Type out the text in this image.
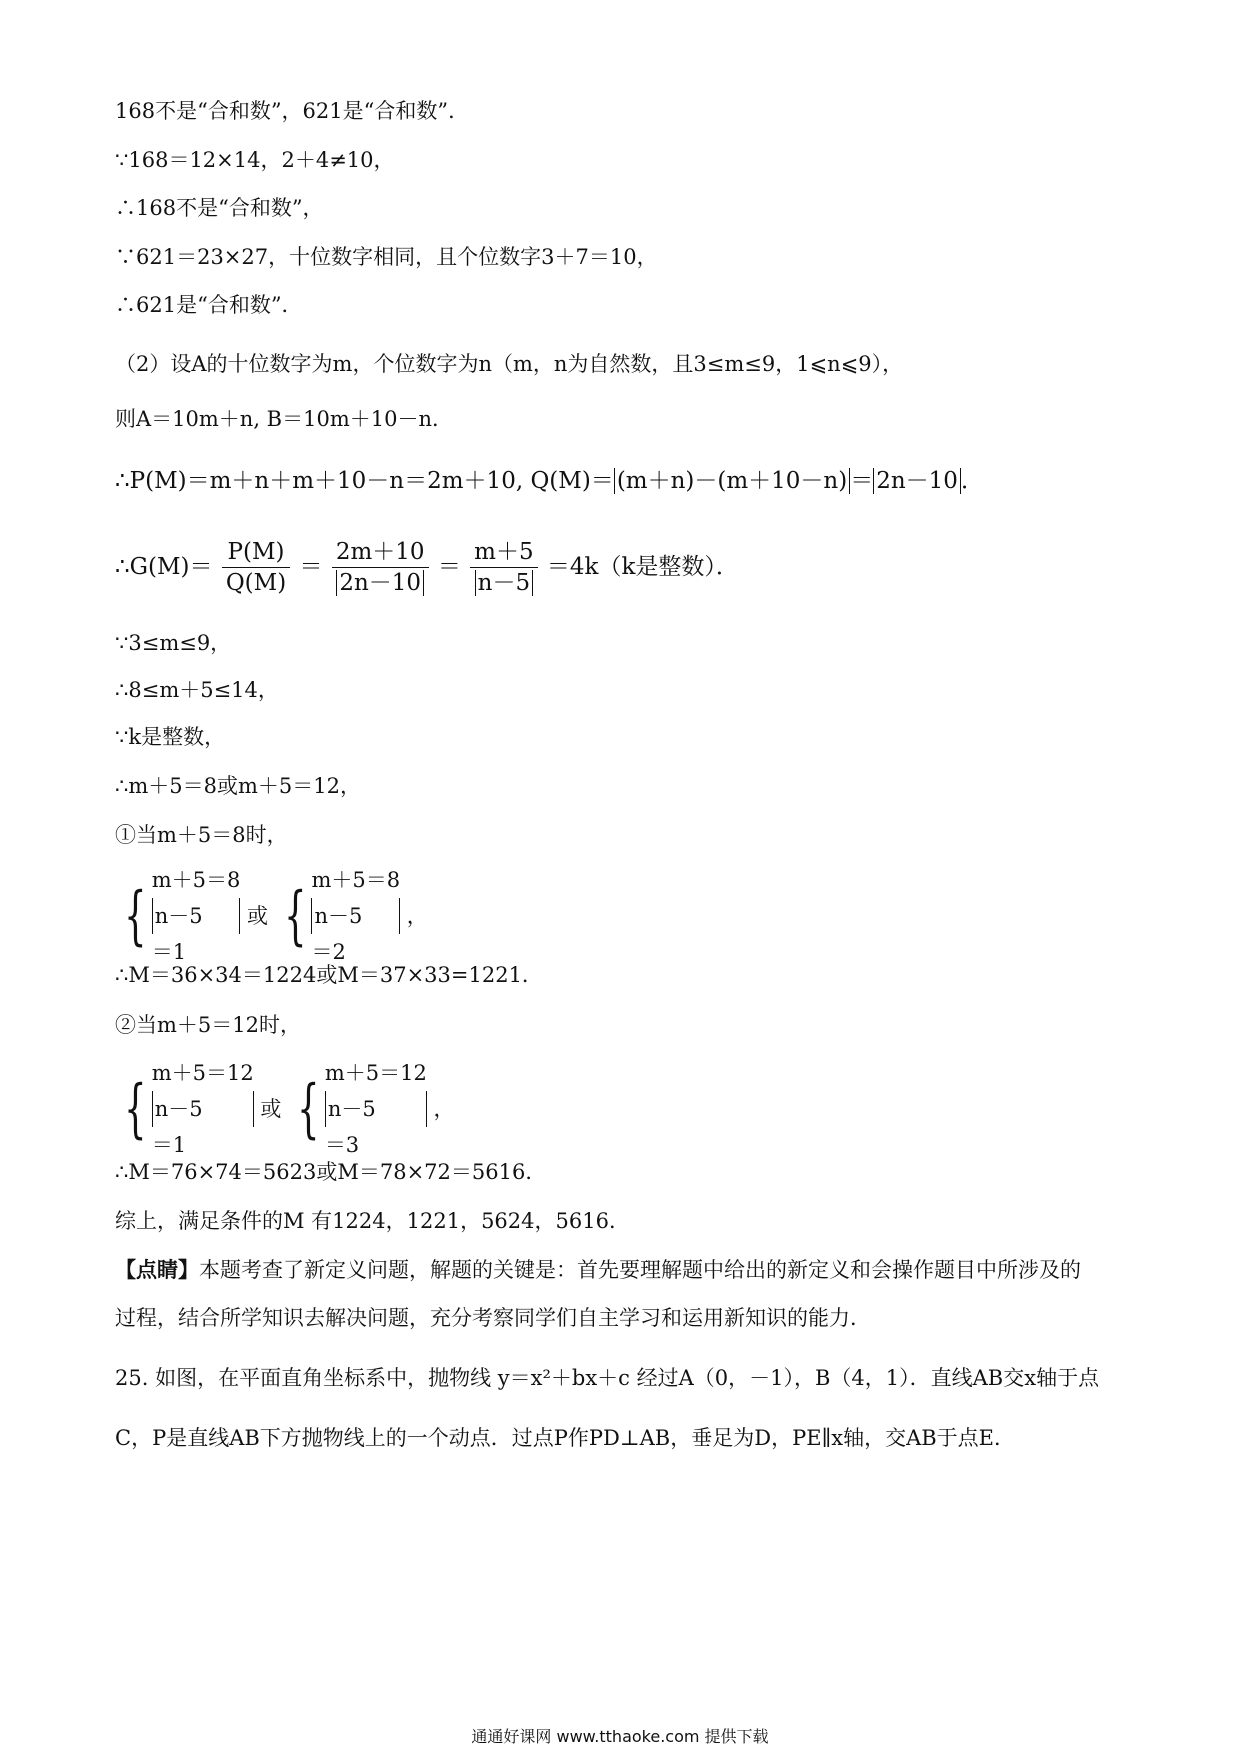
168不是“合和数”，621是“合和数”．
∵168＝12×14，2＋4≠10，
∴168不是“合和数”，
∵621＝23×27，十位数字相同，且个位数字3＋7＝10，
∴621是“合和数”．
（2）设A的十位数字为m，个位数字为n（m，n为自然数，且3≤m≤9，1⩽n⩽9），
则A＝10m＋n, B＝10m＋10－n．
∴P(M)＝m＋n＋m＋10－n＝2m＋10, Q(M)＝ (m＋n)－(m＋10－n) ＝ 2n－10 ．
∴G(M)＝ $\frac{P(M)}{Q(M)} = \frac{2m+10}{2n-10} = \frac{m+5}{n-5} =4k(k$是整数）．
∵3≤m≤9，
∴8≤m＋5≤14，
∵k是整数，
∴m＋5＝8或m＋5＝12，
①当m＋5＝8时，
{ m＋5＝8
n－5
＝1
或 { m＋5＝8
n－5
＝2
，
∴M＝36×34＝1224或M＝37×33=1221．
②当m＋5＝12时，
{ m＋5＝12
n－5
＝1
或 { m＋5＝12
n－5
＝3
，
∴M＝76×74＝5623或M＝78×72＝5616．
综上，满足条件的M 有1224，1221，5624，5616．
【点睛】本题考查了新定义问题，解题的关键是：首先要理解题中给出的新定义和会操作题目中所涉及的
过程，结合所学知识去解决问题，充分考察同学们自主学习和运用新知识的能力．
25. 如图，在平面直角坐标系中，抛物线 y＝x²＋bx＋c 经过A（0，－1），B（4，1）．直线AB交x轴于点
C，P是直线AB下方抛物线上的一个动点．过点P作PD⊥AB，垂足为D，PE∥x轴，交AB于点E．
通通好课网 www.tthaoke.com 提供下载
